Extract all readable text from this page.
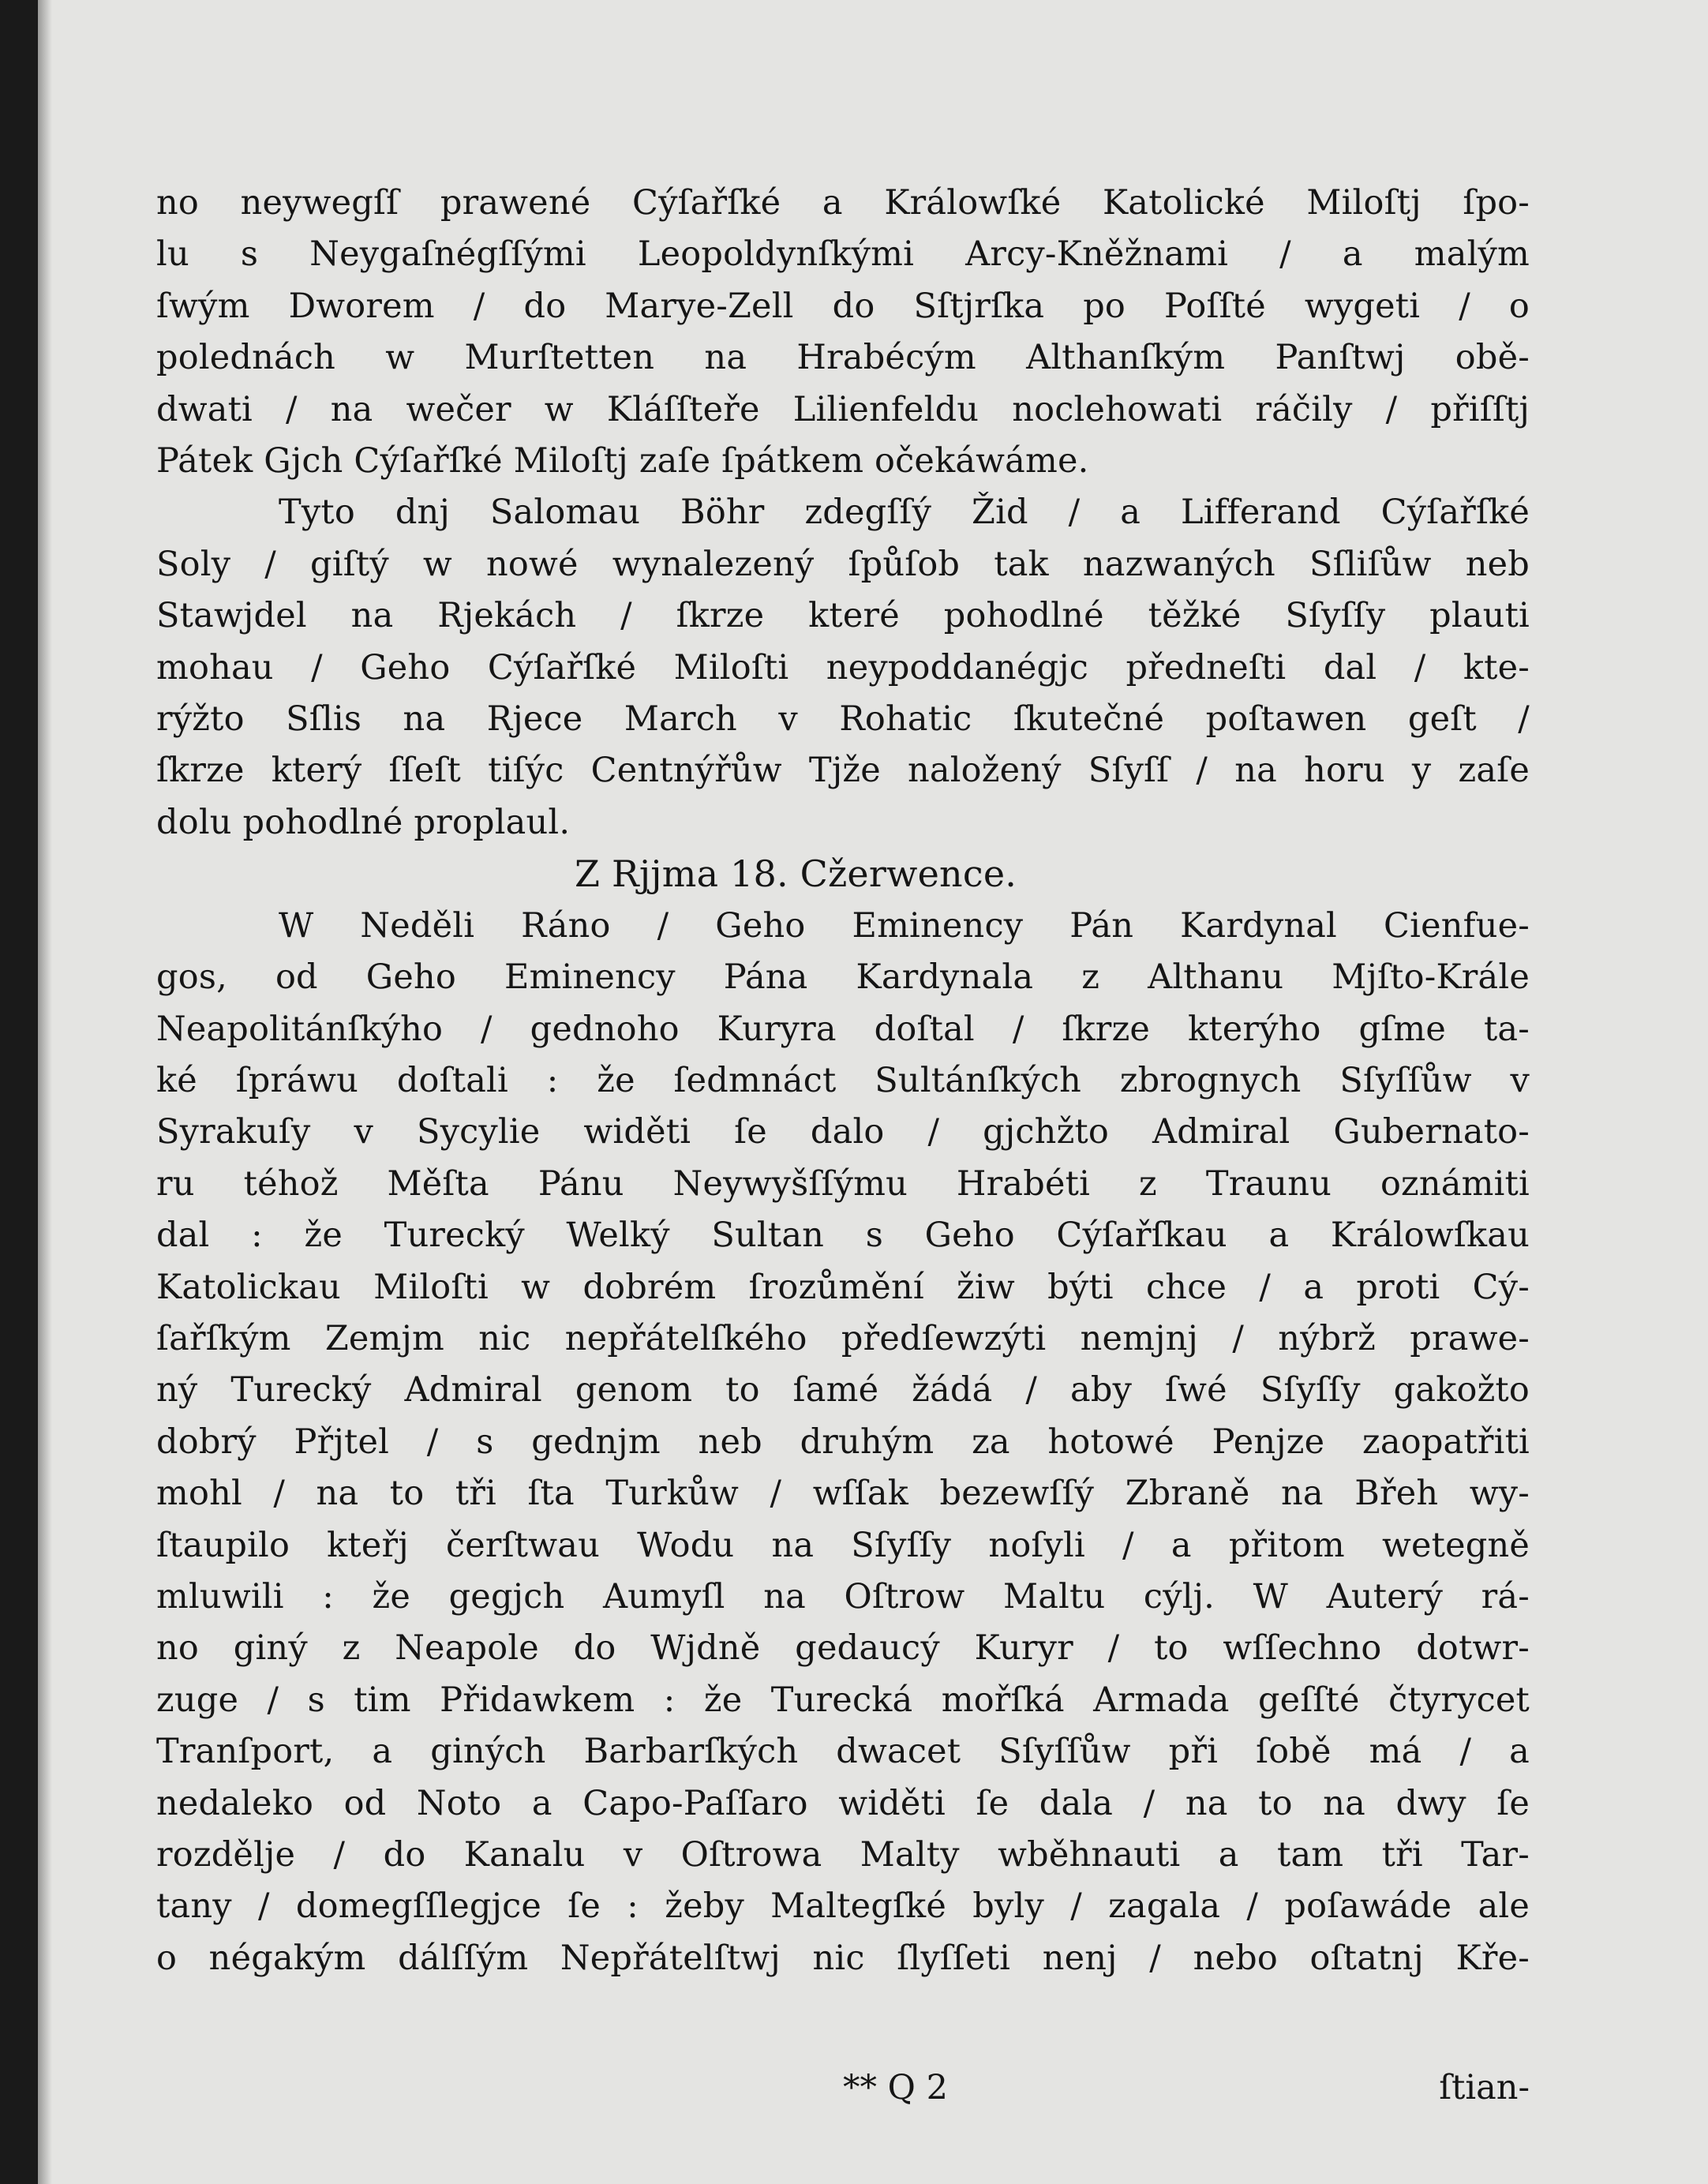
no neywegſſ prawené Cýſařſké a Králowſké Katolické Miloſtj ſpo-
lu s Neygaſnégſſými Leopoldynſkými Arcy-Kněžnami / a malým
ſwým Dworem / do Marye-Zell do Sſtjrſka po Poſſté wygeti / o
polednách w Murſtetten na Hrabécým Althanſkým Panſtwj obě-
dwati / na wečer w Kláſſteře Lilienfeldu noclehowati ráčily / přiſſtj
Pátek Gjch Cýſařſké Miloſtj zaſe ſpátkem očekáwáme.
Tyto dnj Salomau Böhr zdegſſý Žid / a Lifferand Cýſařſké
Soly / giſtý w nowé wynalezený ſpůſob tak nazwaných Sſliſůw neb
Stawjdel na Rjekách / ſkrze které pohodlné těžké Sſyſſy plauti
mohau / Geho Cýſařſké Miloſti neypoddanégjc předneſti dal / kte-
rýžto Sſlis na Rjece March v Rohatic ſkutečné poſtawen geſt /
ſkrze který ſſeſt tiſýc Centnýřůw Tjže naložený Sſyſſ / na horu y zaſe
dolu pohodlné proplaul.
Z Rjjma 18. Cžerwence.
W Neděli Ráno / Geho Eminency Pán Kardynal Cienfue-
gos, od Geho Eminency Pána Kardynala z Althanu Mjſto-Krále
Neapolitánſkýho / gednoho Kuryra doſtal / ſkrze kterýho gſme ta-
ké ſpráwu doſtali : že ſedmnáct Sultánſkých zbrognych Sſyſſůw v
Syrakuſy v Sycylie widěti ſe dalo / gjchžto Admiral Gubernato-
ru téhož Měſta Pánu Neywyšſſýmu Hrabéti z Traunu oznámiti
dal : že Turecký Welký Sultan s Geho Cýſařſkau a Králowſkau
Katolickau Miloſti w dobrém ſrozůmění žiw býti chce / a proti Cý-
ſařſkým Zemjm nic nepřátelſkého předſewzýti nemjnj / nýbrž prawe-
ný Turecký Admiral genom to ſamé žádá / aby ſwé Sſyſſy gakožto
dobrý Přjtel / s gednjm neb druhým za hotowé Penjze zaopatřiti
mohl / na to tři ſta Turkůw / wſſak bezewſſý Zbraně na Břeh wy-
ſtaupilo kteřj čerſtwau Wodu na Sſyſſy noſyli / a přitom wetegně
mluwili : že gegjch Aumyſl na Oſtrow Maltu cýlj. W Auterý rá-
no giný z Neapole do Wjdně gedaucý Kuryr / to wſſechno dotwr-
zuge / s tim Přidawkem : že Turecká mořſká Armada geſſté čtyrycet
Tranſport, a giných Barbarſkých dwacet Sſyſſůw při ſobě má / a
nedaleko od Noto a Capo-Paſſaro widěti ſe dala / na to na dwy ſe
rozdělje / do Kanalu v Oſtrowa Malty wběhnauti a tam tři Tar-
tany / domegſſlegjce ſe : žeby Maltegſké byly / zagala / poſawáde ale
o négakým dálſſým Nepřátelſtwj nic ſlyſſeti nenj / nebo oſtatnj Kře-
** Q 2	ſtian-
